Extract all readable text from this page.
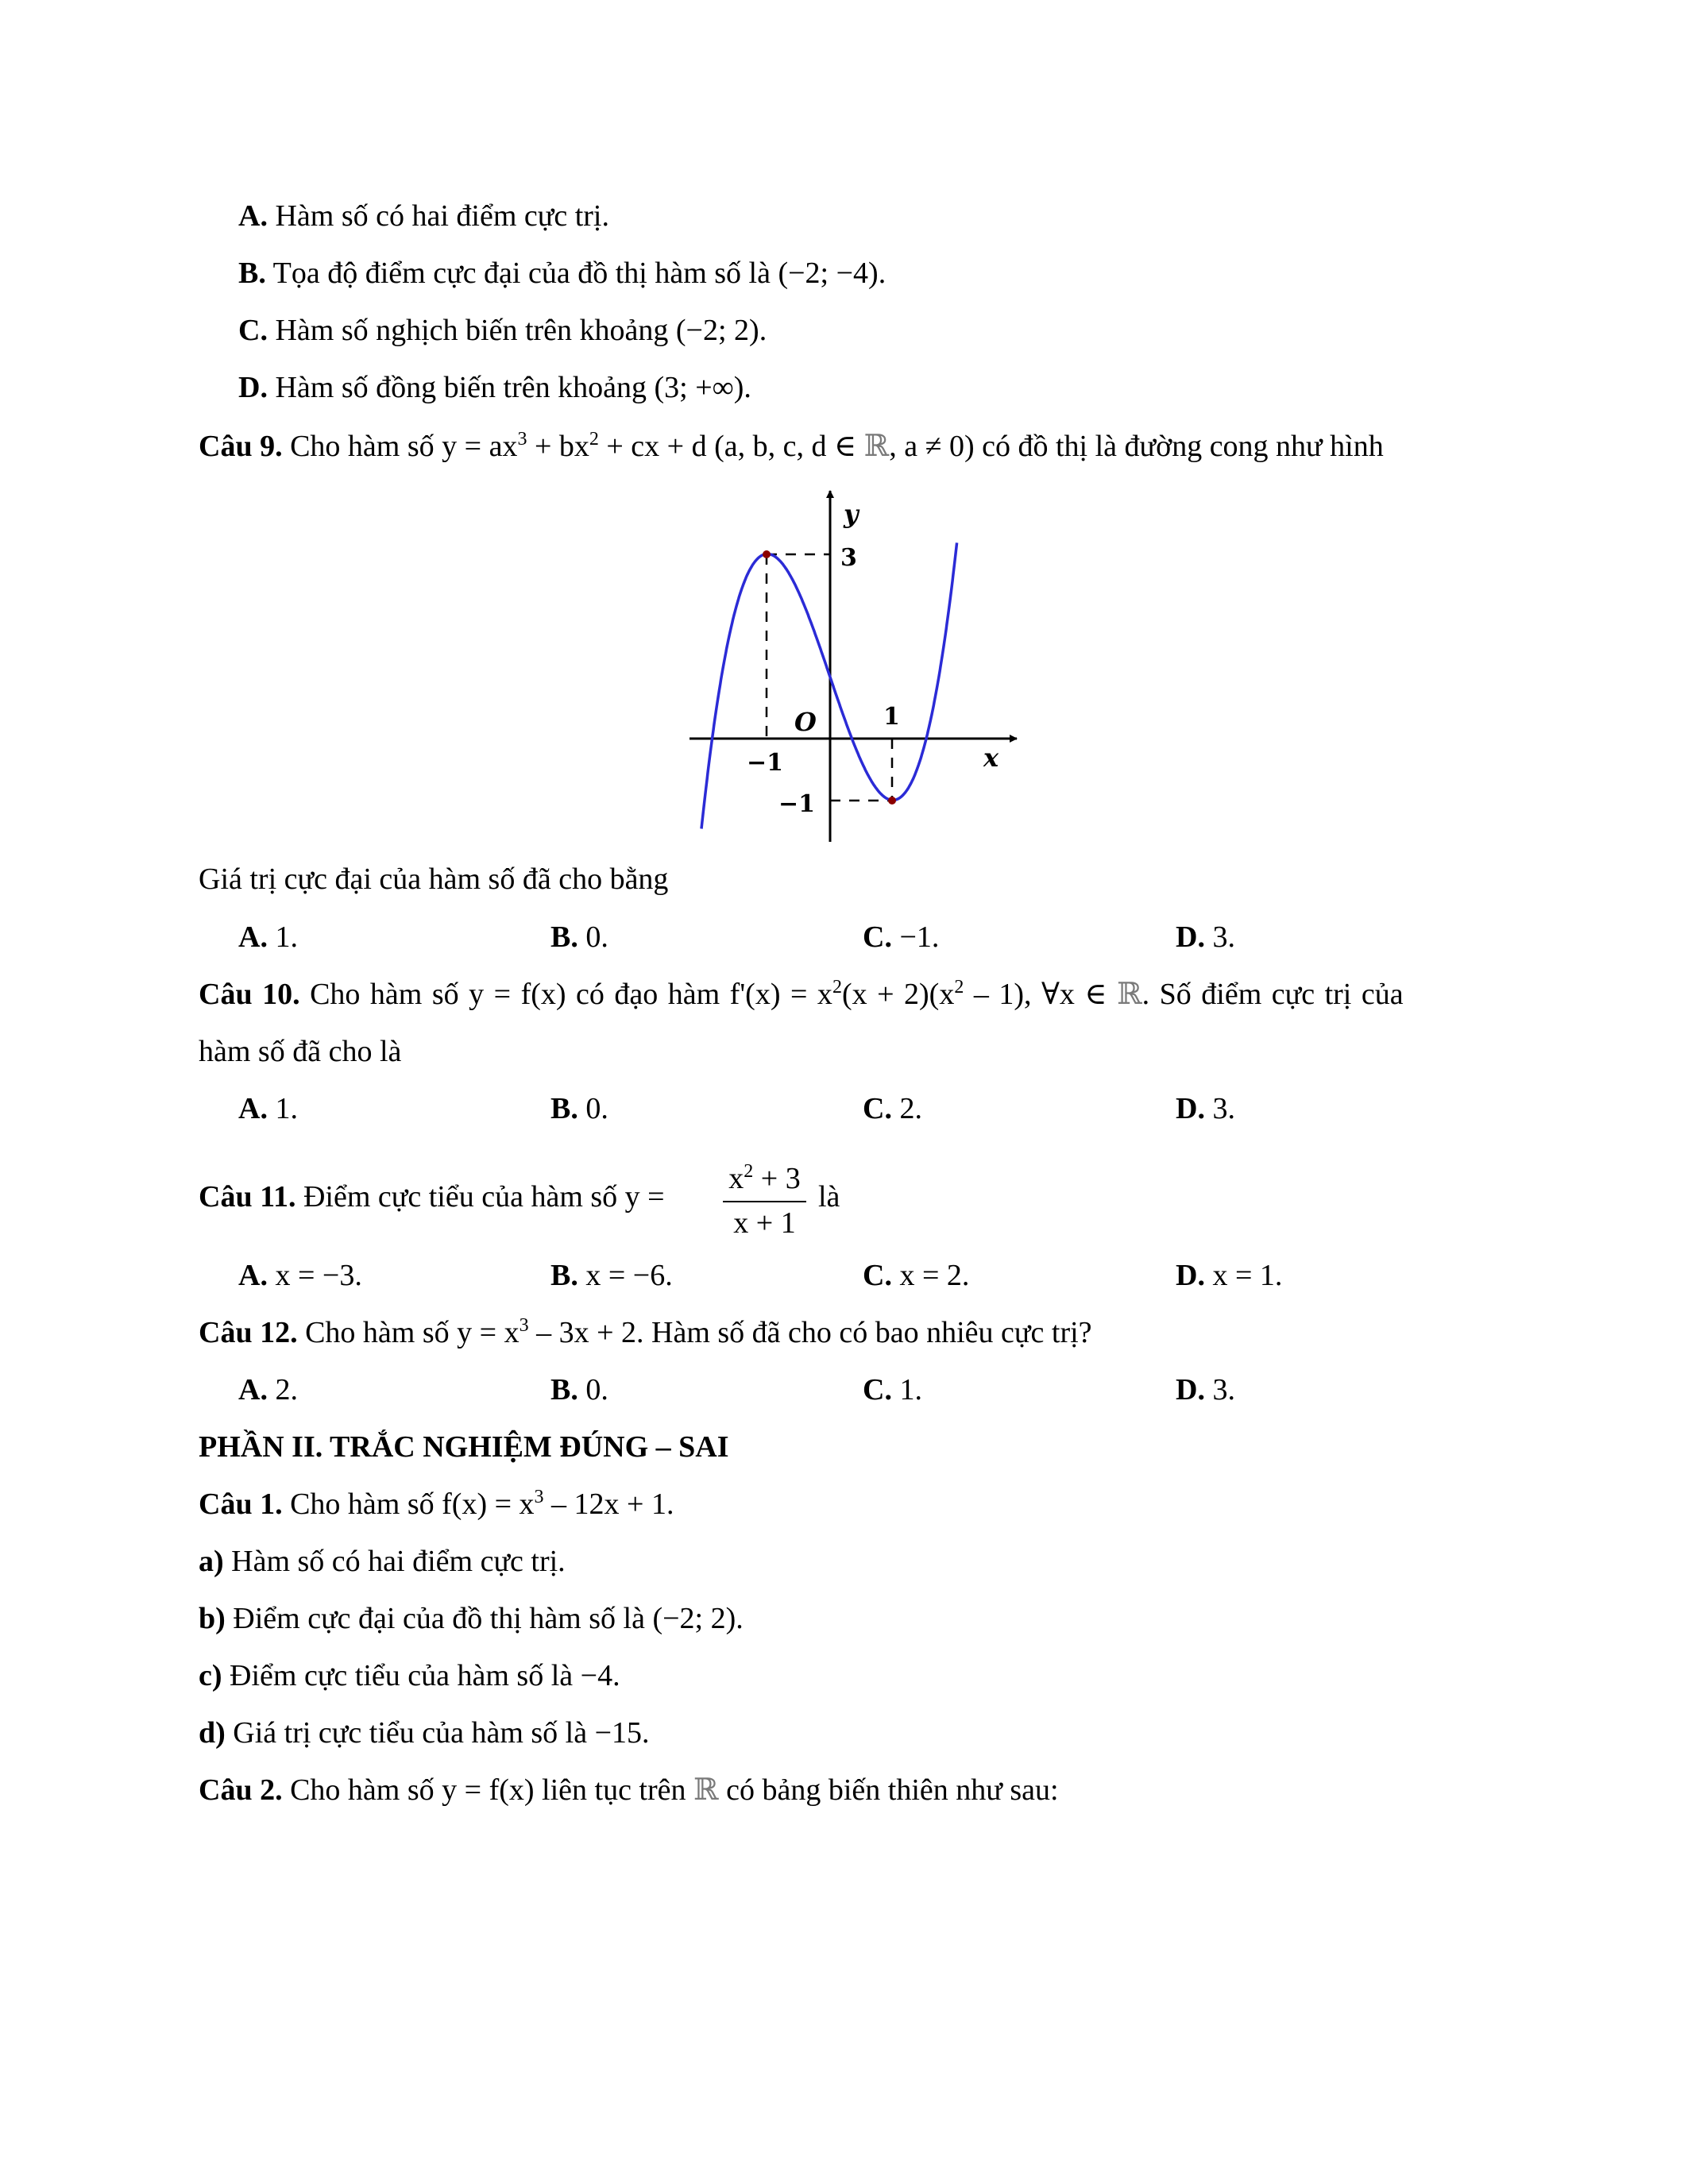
A. Hàm số có hai điểm cực trị.
B. Tọa độ điểm cực đại của đồ thị hàm số là (−2; −4).
C. Hàm số nghịch biến trên khoảng (−2; 2).
D. Hàm số đồng biến trên khoảng (3; +∞).
Câu 9. Cho hàm số $y = ax^3 + bx^2$ + cx + d (a, b, c, d ∈ ℝ, a ≠ 0) có đồ thị là đường cong như hình
y
3
O	1
x
−1
−1
Giá trị cực đại của hàm số đã cho bằng
A. 1.	B. 0.	C. −1.	D. 3.
Câu 10. Cho hàm số y = f(x) có đạo hàm $f'(x) = x^2(x + 2)(x^2 - 1)$, ∀x ∈ ℝ. Số điểm cực trị của
hàm số đã cho là
A. 1.	B. 0.	C. 2.	D. 3.
Câu 11. Điểm cực tiểu của hàm số y =
$x^2 + 3$
x + 1
là
A. x = −3.	B. x = −6.	C. x = 2.	D. x = 1.
Câu 12. Cho hàm số $y = x^3 - 3x + 2$. Hàm số đã cho có bao nhiêu cực trị?
A. 2.	B. 0.	C. 1.	D. 3.
PHẦN II. TRẮC NGHIỆM ĐÚNG – SAI
Câu 1. Cho hàm số $f(x) = x^3 - 12x + 1$.
a) Hàm số có hai điểm cực trị.
b) Điểm cực đại của đồ thị hàm số là (−2; 2).
c) Điểm cực tiểu của hàm số là −4.
d) Giá trị cực tiểu của hàm số là −15.
Câu 2. Cho hàm số y = f(x) liên tục trên ℝ có bảng biến thiên như sau:
